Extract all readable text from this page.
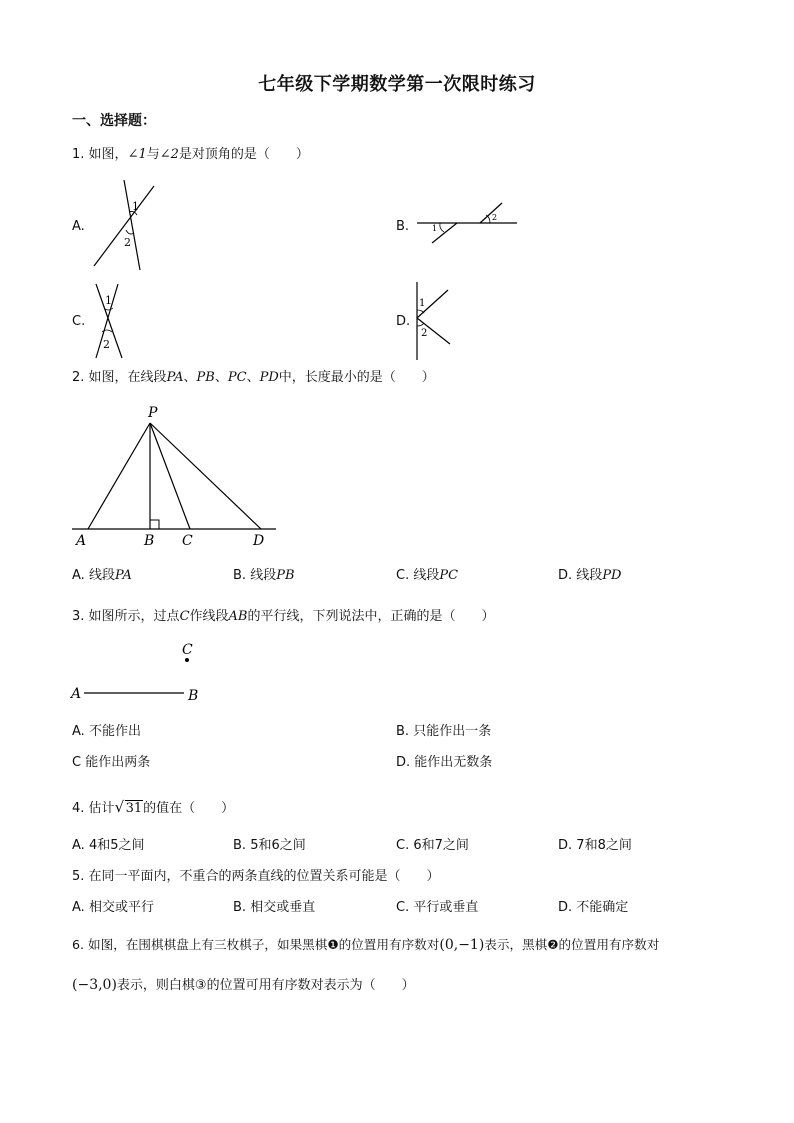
七年级下学期数学第一次限时练习
一、选择题：
1. 如图，∠1与∠2是对顶角的是（　　）
A.
1
2
B.	1
2
C.
1
2
D.
1
2
2. 如图，在线段PA、PB、PC、PD中，长度最小的是（　　）
P
A	B C	D
A. 线段PA	B. 线段PB	C. 线段PC	D. 线段PD
3. 如图所示，过点C作线段AB的平行线，下列说法中，正确的是（　　）
C
A	B
A. 不能作出	B. 只能作出一条
C 能作出两条	D. 能作出无数条
4. 估计 √ 31的值在（　　）
A. 4和5之间	B. 5和6之间	C. 6和7之间	D. 7和8之间
5. 在同一平面内，不重合的两条直线的位置关系可能是（　　）
A. 相交或平行	B. 相交或垂直	C. 平行或垂直	D. 不能确定
6. 如图，在围棋棋盘上有三枚棋子，如果黑棋❶的位置用有序数对(0,−1)表示，黑棋❷的位置用有序数对
(−3,0)表示，则白棋③的位置可用有序数对表示为（　　）
